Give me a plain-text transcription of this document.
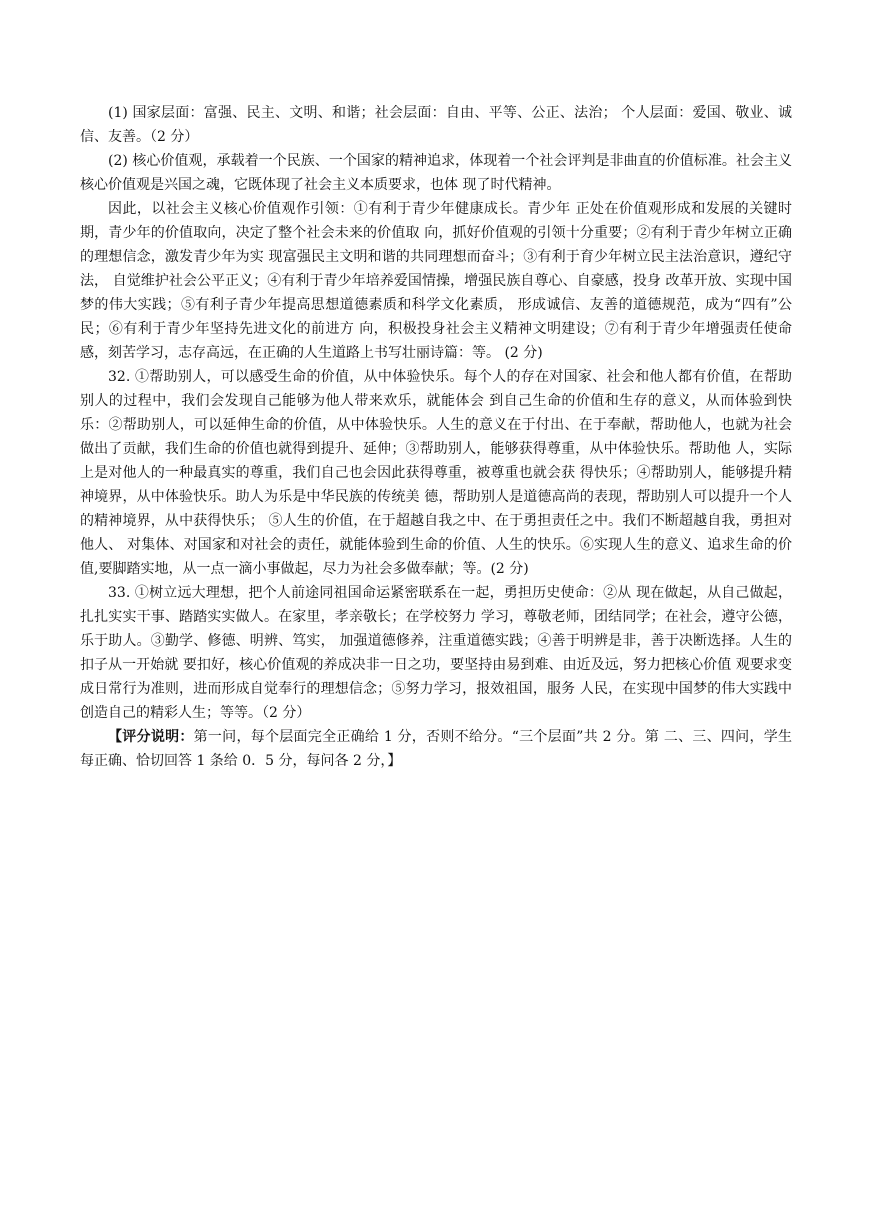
(1) 国家层面：富强、民主、文明、和谐；社会层面：自由、平等、公正、法治； 个人层面：爱国、敬业、诚信、友善。（2 分）

(2) 核心价值观，承载着一个民族、一个国家的精神追求，体现着一个社会评判是非曲直的价值标准。社会主义核心价值观是兴国之魂，它既体现了社会主义本质要求，也体 现了时代精神。

因此，以社会主义核心价值观作引领：①有利于青少年健康成长。青少年 正处在价值观形成和发展的关键时期，青少年的价值取向，决定了整个社会未来的价值取 向，抓好价值观的引领十分重要；②有利于青少年树立正确的理想信念，激发青少年为实 现富强民主文明和谐的共同理想而奋斗；③有利于育少年树立民主法治意识，遵纪守法， 自觉维护社会公平正义；④有利于青少年培养爱国情操，增强民族自尊心、自豪感，投身 改革开放、实现中国梦的伟大实践；⑤有利子青少年提高思想道德素质和科学文化素质， 形成诚信、友善的道德规范，成为“四有”公民；⑥有利于青少年坚持先进文化的前进方 向，积极投身社会主义精神文明建设；⑦有利于青少年增强责任使命感，刻苦学习，志存高远，在正确的人生道路上书写壮丽诗篇：等。 (2 分)

32. ①帮助别人，可以感受生命的价值，从中体验快乐。每个人的存在对国家、社会和他人都有价值，在帮助别人的过程中，我们会发现自己能够为他人带来欢乐，就能体会 到自己生命的价值和生存的意义，从而体验到快乐：②帮助别人，可以延伸生命的价值，从中体验快乐。人生的意义在于付出、在于奉献，帮助他人，也就为社会做出了贡献，我们生命的价值也就得到提升、延伸；③帮助别人，能够获得尊重，从中体验快乐。帮助他 人，实际上是对他人的一种最真实的尊重，我们自己也会因此获得尊重，被尊重也就会获 得快乐；④帮助别人，能够提升精神境界，从中体验快乐。助人为乐是中华民族的传统美 德，帮助别人是道德高尚的表现，帮助别人可以提升一个人的精神境界，从中获得快乐； ⑤人生的价值，在于超越自我之中、在于勇担责任之中。我们不断超越自我，勇担对他人、 对集体、对国家和对社会的责任，就能体验到生命的价值、人生的快乐。⑥实现人生的意义、追求生命的价值,要脚踏实地，从一点一滴小事做起，尽力为社会多做奉献；等。(2 分)

33. ①树立远大理想，把个人前途同祖国命运紧密联系在一起，勇担历史使命：②从 现在做起，从自己做起，扎扎实实干事、踏踏实实做人。在家里，孝亲敬长；在学校努力 学习，尊敬老师，团结同学；在社会，遵守公德，乐于助人。③勤学、修德、明辨、笃实， 加强道德修养，注重道德实践；④善于明辨是非，善于决断选择。人生的扣子从一开始就 要扣好，核心价值观的养成决非一日之功，要坚持由易到难、由近及远，努力把核心价值 观要求变成日常行为准则，进而形成自觉奉行的理想信念；⑤努力学习，报效祖国，服务 人民，在实现中国梦的伟大实践中创造自己的精彩人生；等等。（2 分）

【评分说明：第一问，每个层面完全正确给 1 分，否则不给分。“三个层面”共 2 分。第 二、三、四问，学生每正确、恰切回答 1 条给 0．5 分，每问各 2 分，】
